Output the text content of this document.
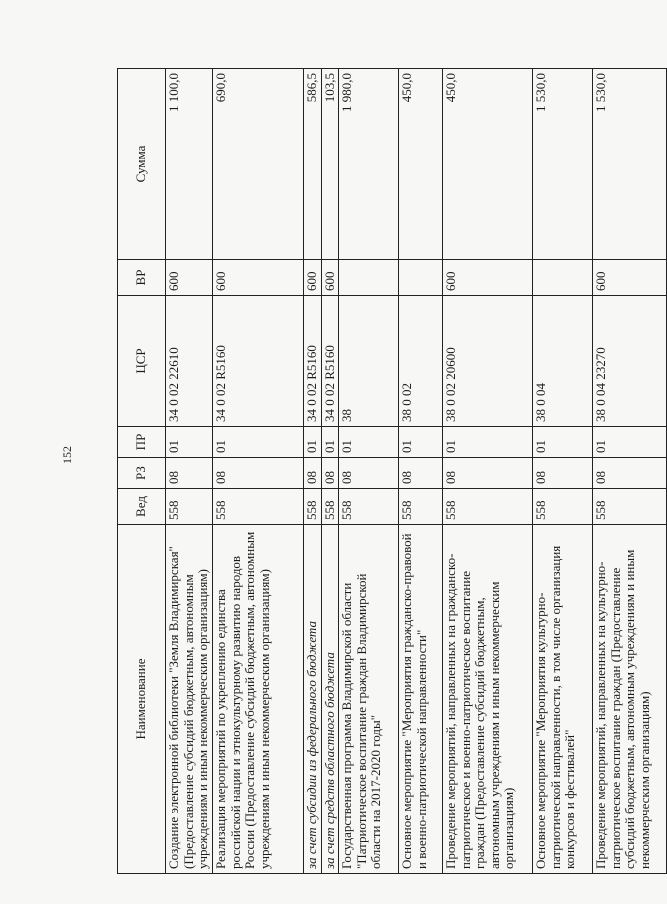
152
Наименование	Вед	РЗ	ПР	ЦСР	ВР	Сумма
Создание электронной библиотеки "Земля Владимирская" (Предоставление субсидий бюджетным, автономным учреждениям и иным некоммерческим организациям)	558	08	01	34 0 02 22610	600	1 100,0
Реализация мероприятий по укреплению единства российской нации и этнокультурному развитию народов России (Предоставление субсидий бюджетным, автономным учреждениям и иным некоммерческим организациям)	558	08	01	34 0 02 R5160	600	690,0
за счет субсидии из федерального бюджета	558	08	01	34 0 02 R5160	600	586,5
за счет средств областного бюджета	558	08	01	34 0 02 R5160	600	103,5
Государственная программа Владимирской области "Патриотическое воспитание граждан Владимирской области на 2017-2020 годы"	558	08	01	38		1 980,0
Основное мероприятие "Мероприятия гражданско-правовой и военно-патриотической направленности"	558	08	01	38 0 02		450,0
Проведение мероприятий, направленных на гражданско-патриотическое и военно-патриотическое воспитание граждан (Предоставление субсидий бюджетным, автономным учреждениям и иным некоммерческим организациям)	558	08	01	38 0 02 20600	600	450,0
Основное мероприятие "Мероприятия культурно-патриотической направленности, в том числе организация конкурсов и фестивалей"	558	08	01	38 0 04		1 530,0
Проведение мероприятий, направленных на культурно-патриотическое воспитание граждан (Предоставление субсидий бюджетным, автономным учреждениям и иным некоммерческим организациям)	558	08	01	38 0 04 23270	600	1 530,0
